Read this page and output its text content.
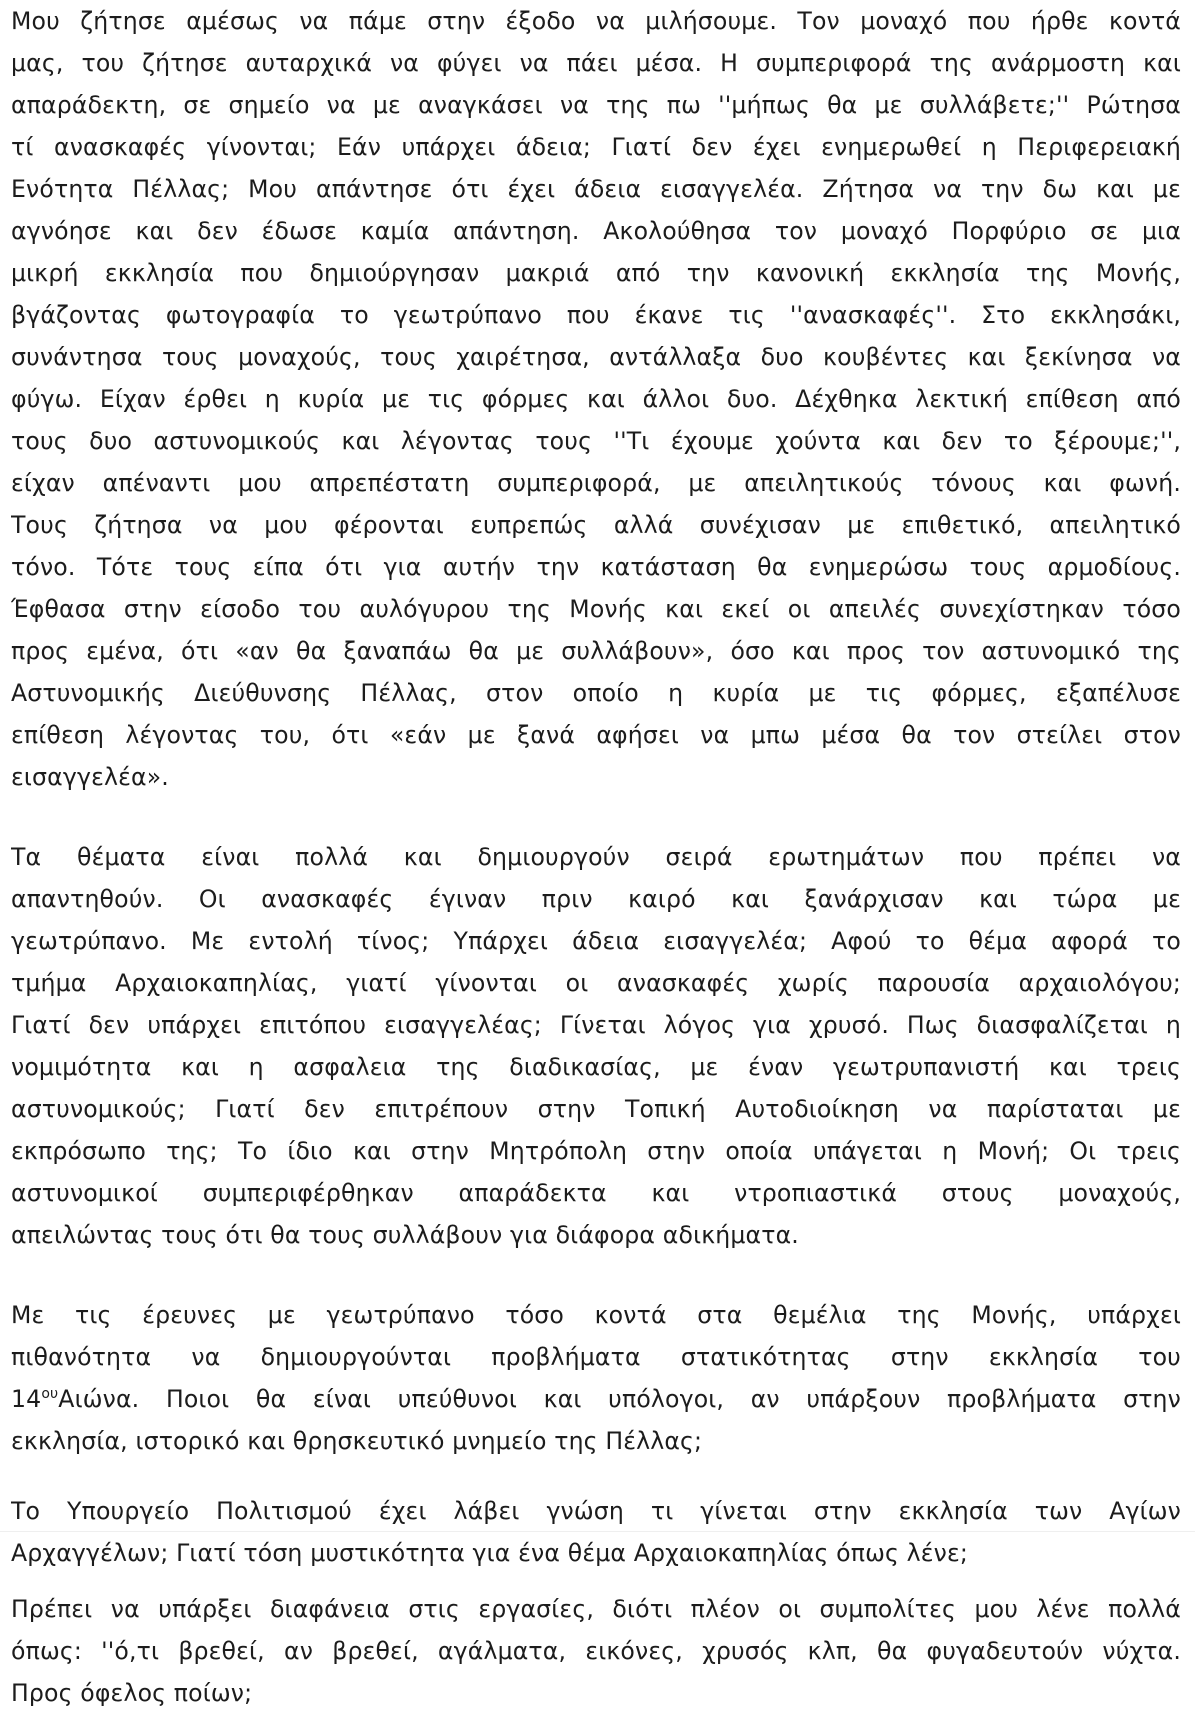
Μου ζήτησε αμέσως να πάμε στην έξοδο να μιλήσουμε. Τον μοναχό που ήρθε κοντά
μας, του ζήτησε αυταρχικά να φύγει να πάει μέσα. Η συμπεριφορά της ανάρμοστη και
απαράδεκτη, σε σημείο να με αναγκάσει να της πω ''μήπως θα με συλλάβετε;'' Ρώτησα
τί ανασκαφές γίνονται; Εάν υπάρχει άδεια; Γιατί δεν έχει ενημερωθεί η Περιφερειακή
Ενότητα Πέλλας; Μου απάντησε ότι έχει άδεια εισαγγελέα. Ζήτησα να την δω και με
αγνόησε και δεν έδωσε καμία απάντηση. Ακολούθησα τον μοναχό Πορφύριο σε μια
μικρή εκκλησία που δημιούργησαν μακριά από την κανονική εκκλησία της Μονής,
βγάζοντας φωτογραφία το γεωτρύπανο που έκανε τις ''ανασκαφές''. Στο εκκλησάκι,
συνάντησα τους μοναχούς, τους χαιρέτησα, αντάλλαξα δυο κουβέντες και ξεκίνησα να
φύγω. Είχαν έρθει η κυρία με τις φόρμες και άλλοι δυο. Δέχθηκα λεκτική επίθεση από
τους δυο αστυνομικούς και λέγοντας τους ''Τι έχουμε χούντα και δεν το ξέρουμε;'',
είχαν απέναντι μου απρεπέστατη συμπεριφορά, με απειλητικούς τόνους και φωνή.
Τους ζήτησα να μου φέρονται ευπρεπώς αλλά συνέχισαν με επιθετικό, απειλητικό
τόνο. Τότε τους είπα ότι για αυτήν την κατάσταση θα ενημερώσω τους αρμοδίους.
Έφθασα στην είσοδο του αυλόγυρου της Μονής και εκεί οι απειλές συνεχίστηκαν τόσο
προς εμένα, ότι «αν θα ξαναπάω θα με συλλάβουν», όσο και προς τον αστυνομικό της
Αστυνομικής Διεύθυνσης Πέλλας, στον οποίο η κυρία με τις φόρμες, εξαπέλυσε
επίθεση λέγοντας του, ότι «εάν με ξανά αφήσει να μπω μέσα θα τον στείλει στον
εισαγγελέα».
Τα θέματα είναι πολλά και δημιουργούν σειρά ερωτημάτων που πρέπει να
απαντηθούν. Οι ανασκαφές έγιναν πριν καιρό και ξανάρχισαν και τώρα με
γεωτρύπανο. Με εντολή τίνος; Υπάρχει άδεια εισαγγελέα; Αφού το θέμα αφορά το
τμήμα Αρχαιοκαπηλίας, γιατί γίνονται οι ανασκαφές χωρίς παρουσία αρχαιολόγου;
Γιατί δεν υπάρχει επιτόπου εισαγγελέας; Γίνεται λόγος για χρυσό. Πως διασφαλίζεται η
νομιμότητα και η ασφαλεια της διαδικασίας, με έναν γεωτρυπανιστή και τρεις
αστυνομικούς; Γιατί δεν επιτρέπουν στην Τοπική Αυτοδιοίκηση να παρίσταται με
εκπρόσωπο της; Το ίδιο και στην Μητρόπολη στην οποία υπάγεται η Μονή; Οι τρεις
αστυνομικοί συμπεριφέρθηκαν απαράδεκτα και ντροπιαστικά στους μοναχούς,
απειλώντας τους ότι θα τους συλλάβουν για διάφορα αδικήματα.
Με τις έρευνες με γεωτρύπανο τόσο κοντά στα θεμέλια της Μονής, υπάρχει
πιθανότητα να δημιουργούνται προβλήματα στατικότητας στην εκκλησία του
$14^{o\upsilon}A\iota ώ\nu\alpha$. Ποιοι θα είναι υπεύθυνοι και υπόλογοι, αν υπάρξουν προβλήματα στην
εκκλησία, ιστορικό και θρησκευτικό μνημείο της Πέλλας;
Το Υπουργείο Πολιτισμού έχει λάβει γνώση τι γίνεται στην εκκλησία των Αγίων
Αρχαγγέλων; Γιατί τόση μυστικότητα για ένα θέμα Αρχαιοκαπηλίας όπως λένε;
Πρέπει να υπάρξει διαφάνεια στις εργασίες, διότι πλέον οι συμπολίτες μου λένε πολλά
όπως: ''ό,τι βρεθεί, αν βρεθεί, αγάλματα, εικόνες, χρυσός κλπ, θα φυγαδευτούν νύχτα.
Προς όφελος ποίων;
